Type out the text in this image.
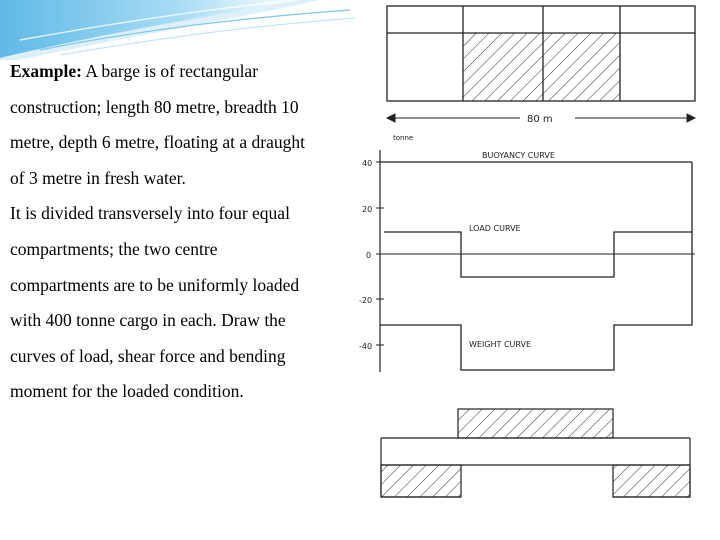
Example: A barge is of rectangular
construction; length 80 metre, breadth 10
metre, depth 6 metre, floating at a draught
of 3 metre in fresh water.
It is divided transversely into four equal
compartments; the two centre
compartments are to be uniformly loaded
with 400 tonne cargo in each. Draw the
curves of load, shear force and bending
moment for the loaded condition.
80 m
tonne
40
20
0
-20
-40
BUOYANCY CURVE
LOAD CURVE
WEIGHT CURVE
